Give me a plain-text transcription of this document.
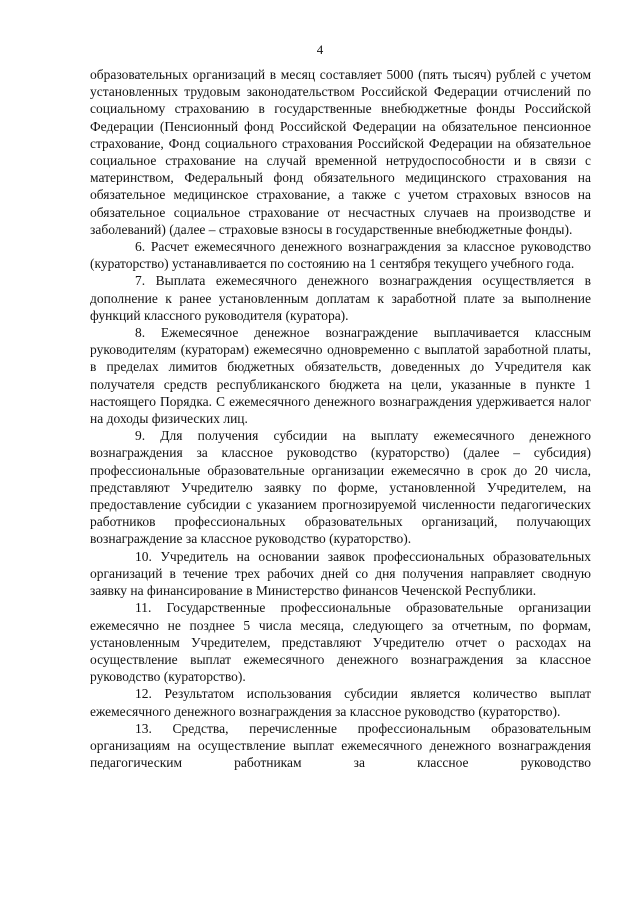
4

образовательных организаций в месяц составляет 5000 (пять тысяч) рублей с учетом установленных трудовым законодательством Российской Федерации отчислений по социальному страхованию в государственные внебюджетные фонды Российской Федерации (Пенсионный фонд Российской Федерации на обязательное пенсионное страхование, Фонд социального страхования Российской Федерации на обязательное социальное страхование на случай временной нетрудоспособности и в связи с материнством, Федеральный фонд обязательного медицинского страхования на обязательное медицинское страхование, а также с учетом страховых взносов на обязательное социальное страхование от несчастных случаев на производстве и заболеваний) (далее – страховые взносы в государственные внебюджетные фонды).

6. Расчет ежемесячного денежного вознаграждения за классное руководство (кураторство) устанавливается по состоянию на 1 сентября текущего учебного года.

7. Выплата ежемесячного денежного вознаграждения осуществляется в дополнение к ранее установленным доплатам к заработной плате за выполнение функций классного руководителя (куратора).

8. Ежемесячное денежное вознаграждение выплачивается классным руководителям (кураторам) ежемесячно одновременно с выплатой заработной платы, в пределах лимитов бюджетных обязательств, доведенных до Учредителя как получателя средств республиканского бюджета на цели, указанные в пункте 1 настоящего Порядка. С ежемесячного денежного вознаграждения удерживается налог на доходы физических лиц.

9. Для получения субсидии на выплату ежемесячного денежного вознаграждения за классное руководство (кураторство) (далее – субсидия) профессиональные образовательные организации ежемесячно в срок до 20 числа, представляют Учредителю заявку по форме, установленной Учредителем, на предоставление субсидии с указанием прогнозируемой численности педагогических работников профессиональных образовательных организаций, получающих вознаграждение за классное руководство (кураторство).

10. Учредитель на основании заявок профессиональных образовательных организаций в течение трех рабочих дней со дня получения направляет сводную заявку на финансирование в Министерство финансов Чеченской Республики.

11. Государственные профессиональные образовательные организации ежемесячно не позднее 5 числа месяца, следующего за отчетным, по формам, установленным Учредителем, представляют Учредителю отчет о расходах на осуществление выплат ежемесячного денежного вознаграждения за классное руководство (кураторство).

12. Результатом использования субсидии является количество выплат ежемесячного денежного вознаграждения за классное руководство (кураторство).

13. Средства, перечисленные профессиональным образовательным организациям на осуществление выплат ежемесячного денежного вознаграждения педагогическим работникам за классное руководство
